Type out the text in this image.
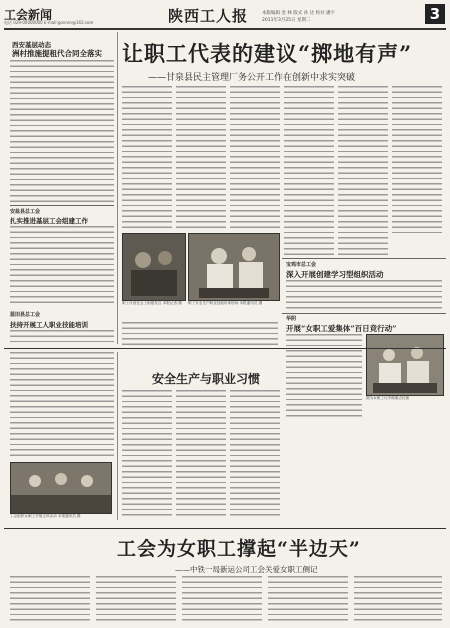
工会新闻
电话 029-00000000 E-mail:gonren@163.com	陕西工人报	本版编辑 金 林 版式 孙 达 校对 潘宇
2011年3月25日 星期二	3
西安基层动态
洲村推施提租代合同全落实
安盐县总工会
扎实推进基层工会组建工作
蓝田县总工会
扶持开展工人职业技能培训
让职工代表的建议“掷地有声”
——甘泉县民主管理厂务公开工作在创新中求实突破
职工代表在会上积极发言 本报记者 摄	职工安全生产职业技能培训现场 本报通讯员 摄
宝鸡市总工会
深入开展创建学习型组织活动
华阴
开展“女职工爱集体”百日竞行动”
图为女职工巧手做面点比赛
安全生产与职业习惯
工会组织女职工开展文体活动 本报通讯员 摄
工会为女职工撑起“半边天”
——中铁一局新运公司工会关爱女职工侧记
